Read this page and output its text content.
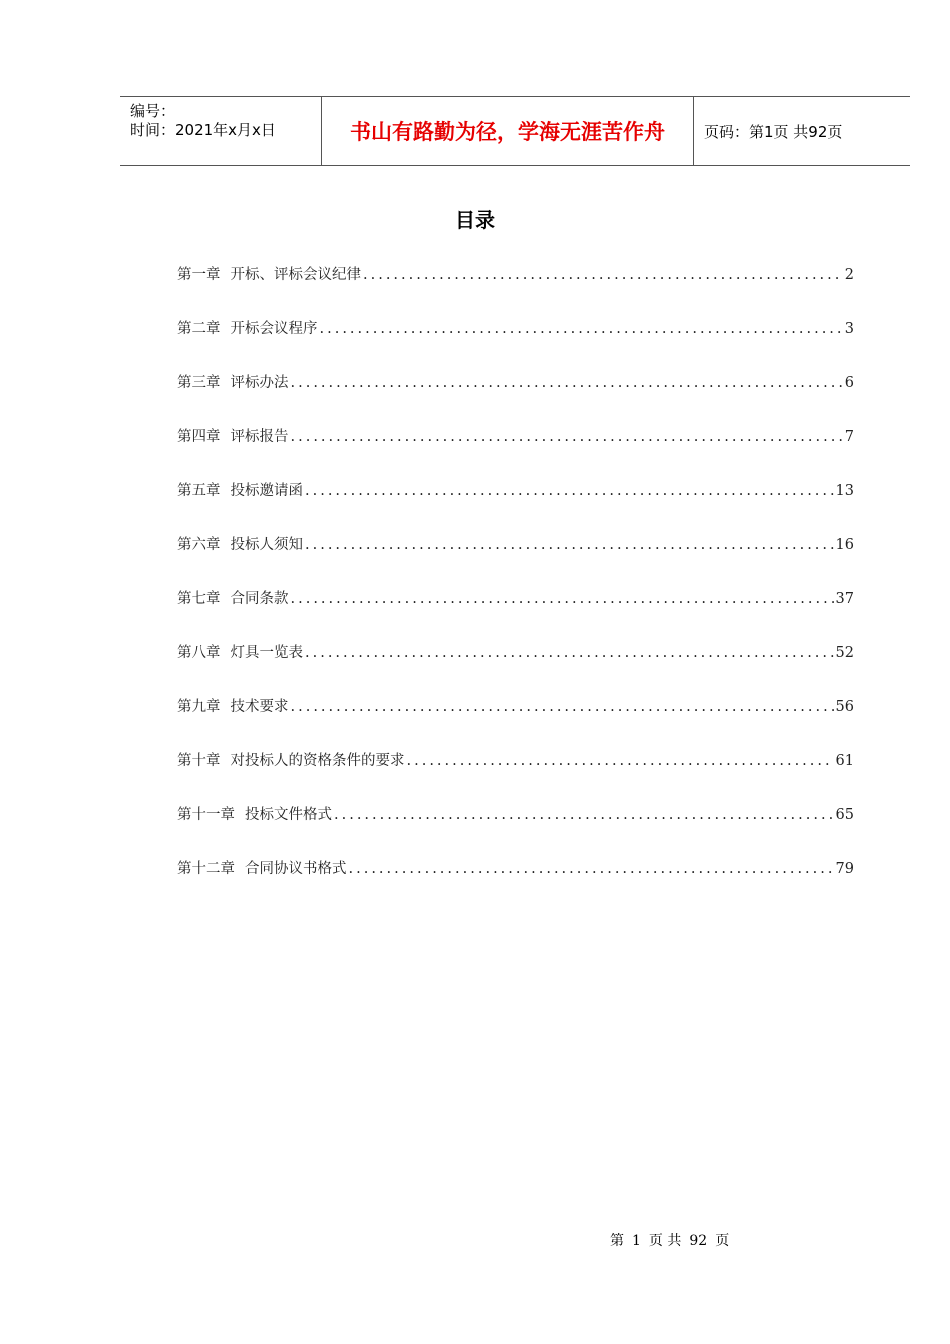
编号：
时间：2021年x月x日	书山有路勤为径，学海无涯苦作舟	页码：第1页 共92页
目录
第一章 开标、评标会议纪律 .....	2
第二章 开标会议程序 .....	3
第三章 评标办法 .....	6
第四章 评标报告 .....	7
第五章 投标邀请函 .....	13
第六章 投标人须知 .....	16
第七章 合同条款 .....	37
第八章 灯具一览表 .....	52
第九章 技术要求 .....	56
第十章 对投标人的资格条件的要求 .....	61
第十一章 投标文件格式 .....	65
第十二章 合同协议书格式 .....	79
第 1 页 共 92 页
